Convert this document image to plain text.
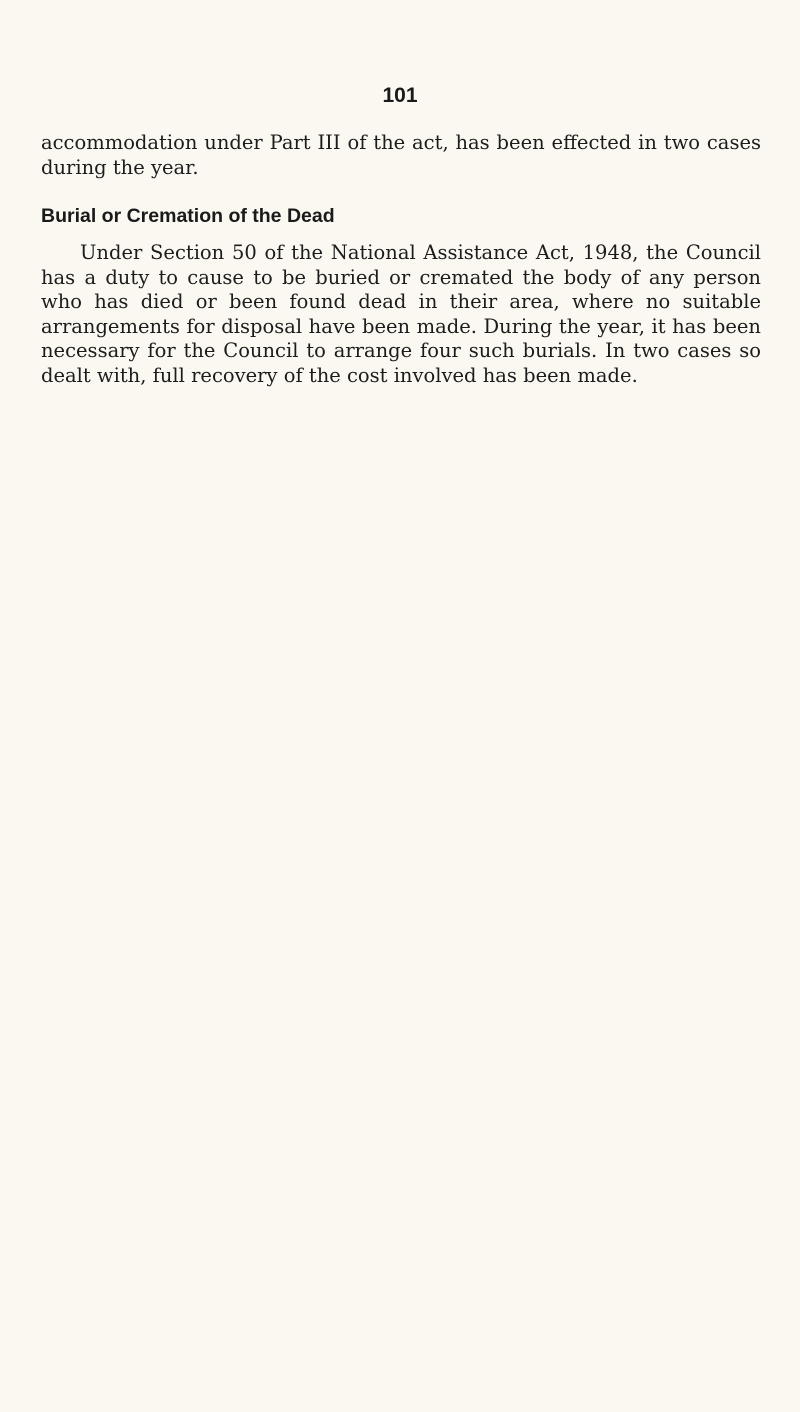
101

accommodation under Part III of the act, has been effected in two cases during the year.

Burial or Cremation of the Dead

Under Section 50 of the National Assistance Act, 1948, the Council has a duty to cause to be buried or cremated the body of any person who has died or been found dead in their area, where no suitable arrangements for disposal have been made. During the year, it has been necessary for the Council to arrange four such burials. In two cases so dealt with, full recovery of the cost involved has been made.
